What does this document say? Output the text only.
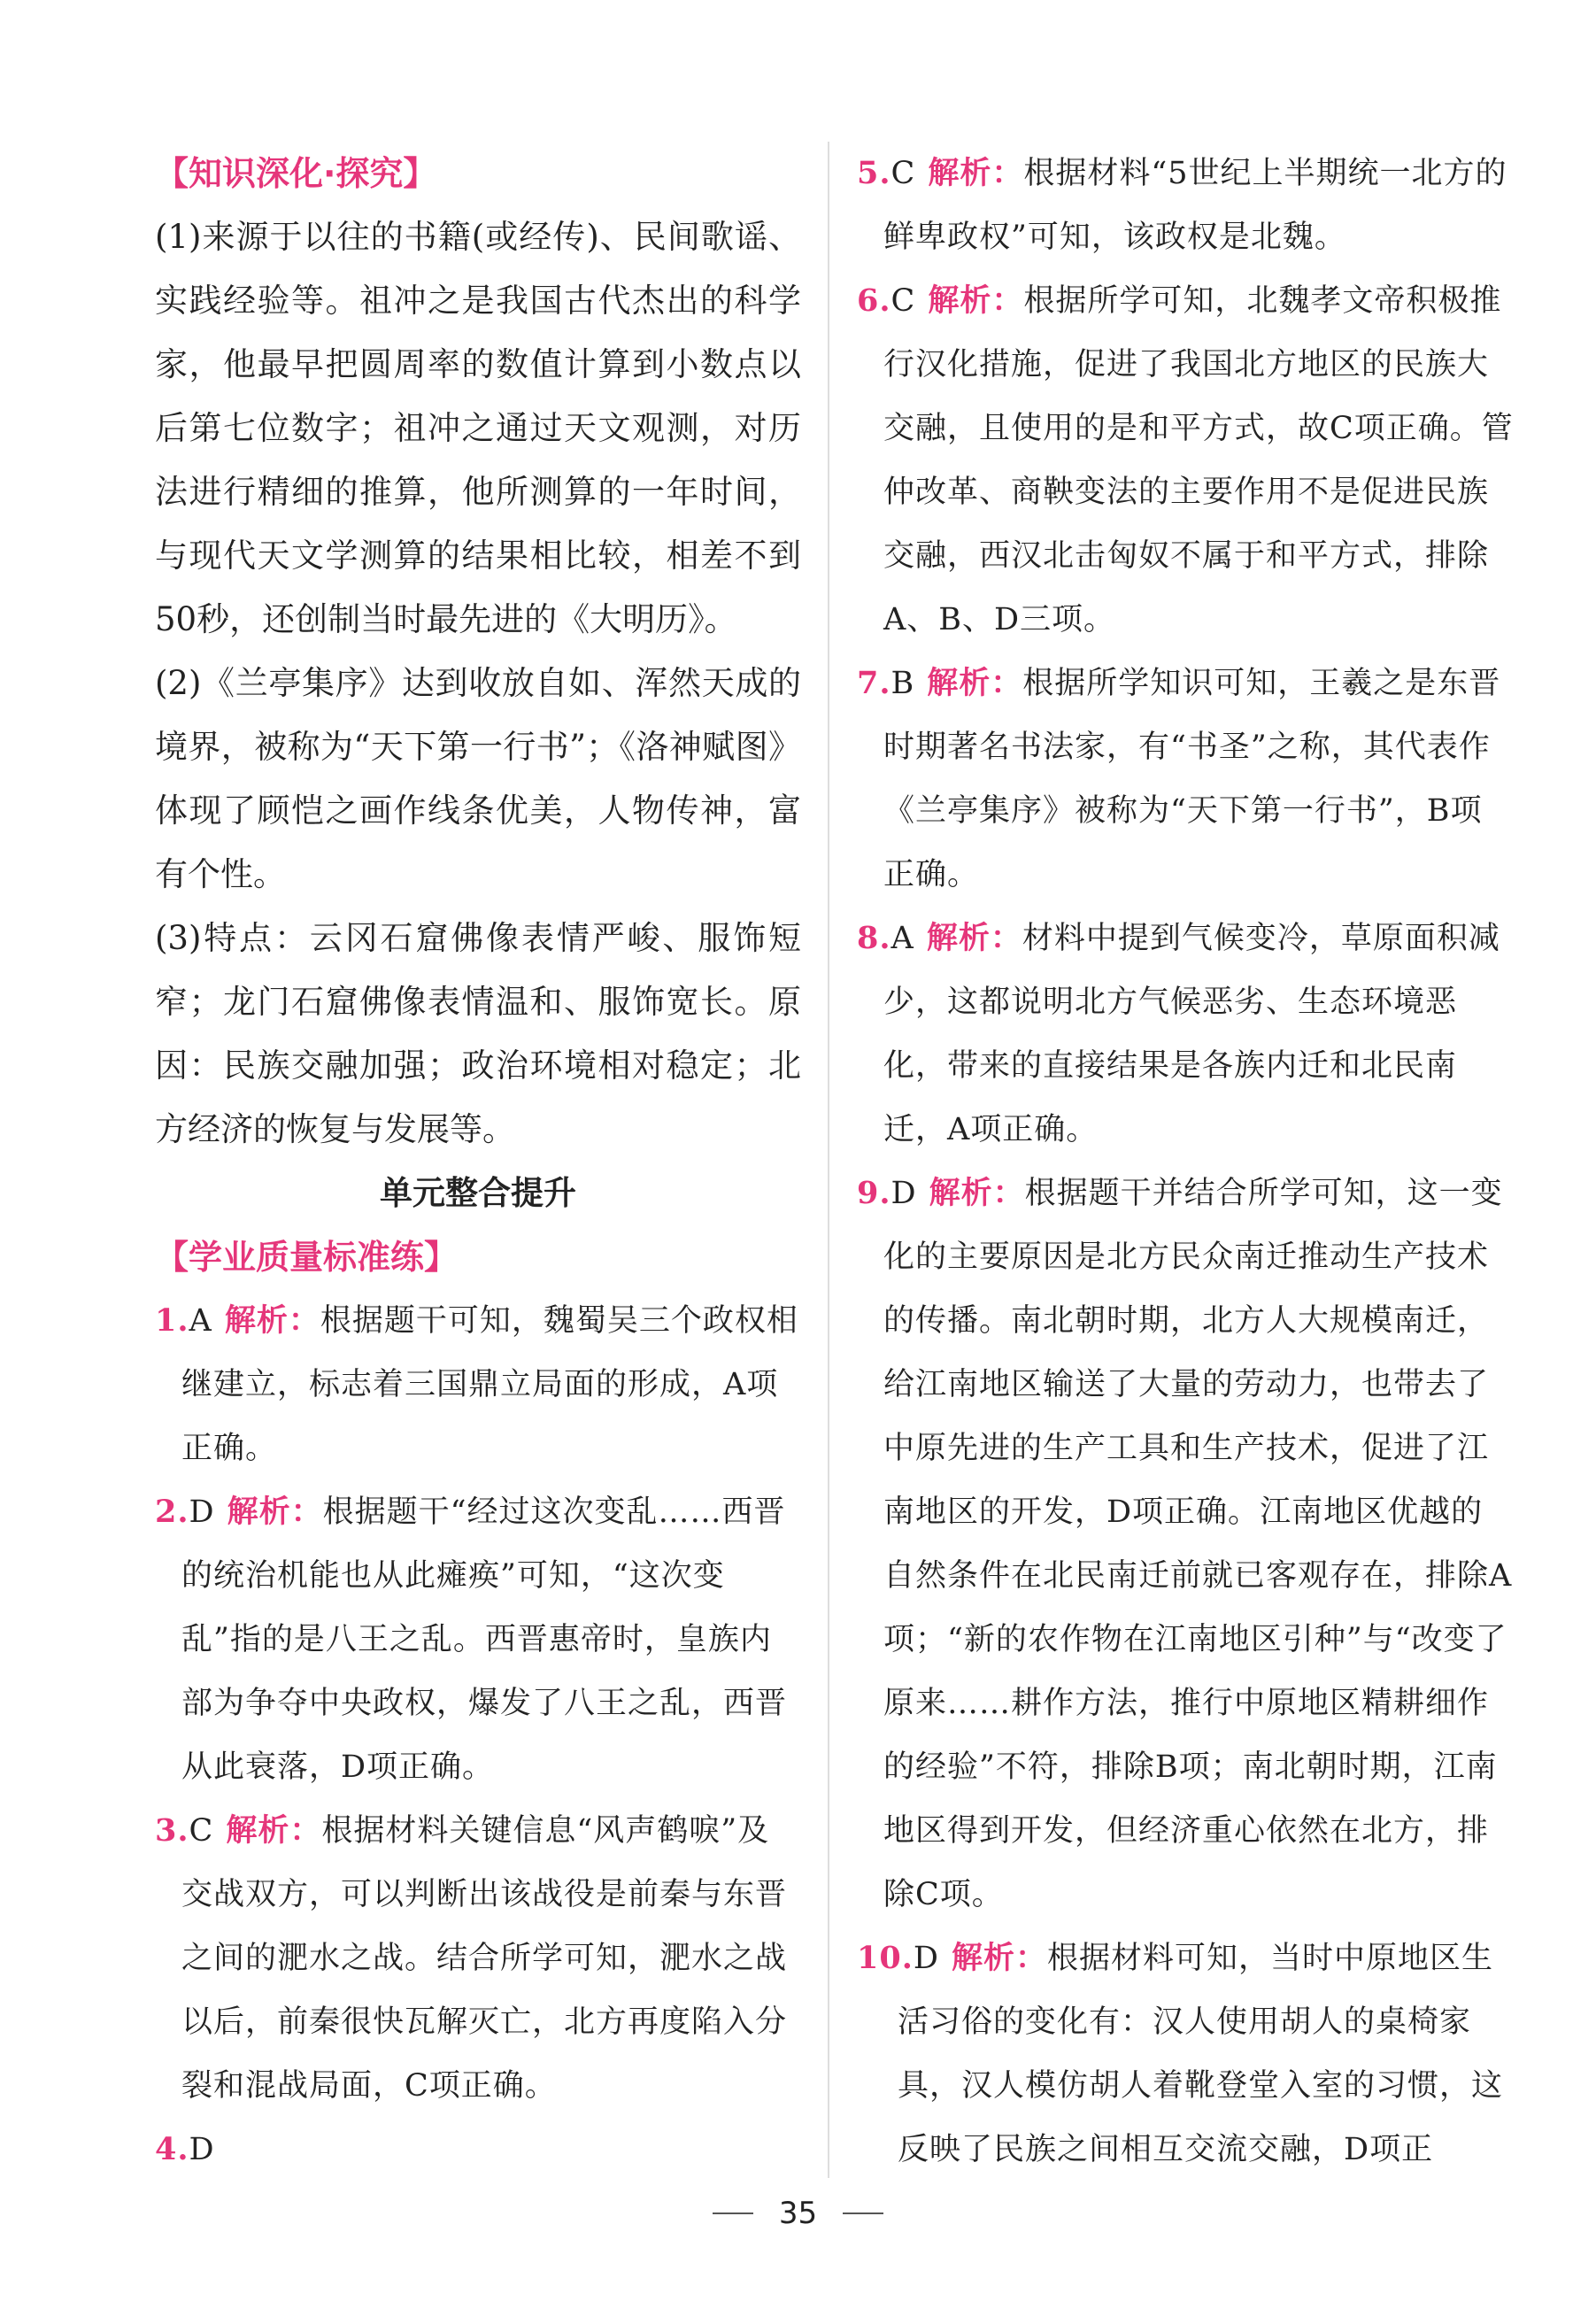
【知识深化·探究】

(1)来源于以往的书籍(或经传)、民间歌谣、实践经验等。祖冲之是我国古代杰出的科学家，他最早把圆周率的数值计算到小数点以后第七位数字；祖冲之通过天文观测，对历法进行精细的推算，他所测算的一年时间，与现代天文学测算的结果相比较，相差不到50秒，还创制当时最先进的《大明历》。

(2)《兰亭集序》达到收放自如、浑然天成的境界，被称为“天下第一行书”；《洛神赋图》体现了顾恺之画作线条优美，人物传神，富有个性。

(3)特点：云冈石窟佛像表情严峻、服饰短窄；龙门石窟佛像表情温和、服饰宽长。原因：民族交融加强；政治环境相对稳定；北方经济的恢复与发展等。

单元整合提升

【学业质量标准练】

1.A 解析：根据题干可知，魏蜀吴三个政权相继建立，标志着三国鼎立局面的形成，A项正确。

2.D 解析：根据题干“经过这次变乱……西晋的统治机能也从此瘫痪”可知，“这次变乱”指的是八王之乱。西晋惠帝时，皇族内部为争夺中央政权，爆发了八王之乱，西晋从此衰落，D项正确。

3.C 解析：根据材料关键信息“风声鹤唳”及交战双方，可以判断出该战役是前秦与东晋之间的淝水之战。结合所学可知，淝水之战以后，前秦很快瓦解灭亡，北方再度陷入分裂和混战局面，C项正确。

4.D

5.C 解析：根据材料“5世纪上半期统一北方的鲜卑政权”可知，该政权是北魏。

6.C 解析：根据所学可知，北魏孝文帝积极推行汉化措施，促进了我国北方地区的民族大交融，且使用的是和平方式，故C项正确。管仲改革、商鞅变法的主要作用不是促进民族交融，西汉北击匈奴不属于和平方式，排除A、B、D三项。

7.B 解析：根据所学知识可知，王羲之是东晋时期著名书法家，有“书圣”之称，其代表作《兰亭集序》被称为“天下第一行书”，B项正确。

8.A 解析：材料中提到气候变冷，草原面积减少，这都说明北方气候恶劣、生态环境恶化，带来的直接结果是各族内迁和北民南迁，A项正确。

9.D 解析：根据题干并结合所学可知，这一变化的主要原因是北方民众南迁推动生产技术的传播。南北朝时期，北方人大规模南迁，给江南地区输送了大量的劳动力，也带去了中原先进的生产工具和生产技术，促进了江南地区的开发，D项正确。江南地区优越的自然条件在北民南迁前就已客观存在，排除A项；“新的农作物在江南地区引种”与“改变了原来……耕作方法，推行中原地区精耕细作的经验”不符，排除B项；南北朝时期，江南地区得到开发，但经济重心依然在北方，排除C项。

10.D 解析：根据材料可知，当时中原地区生活习俗的变化有：汉人使用胡人的桌椅家具，汉人模仿胡人着靴登堂入室的习惯，这反映了民族之间相互交流交融，D项正

35
